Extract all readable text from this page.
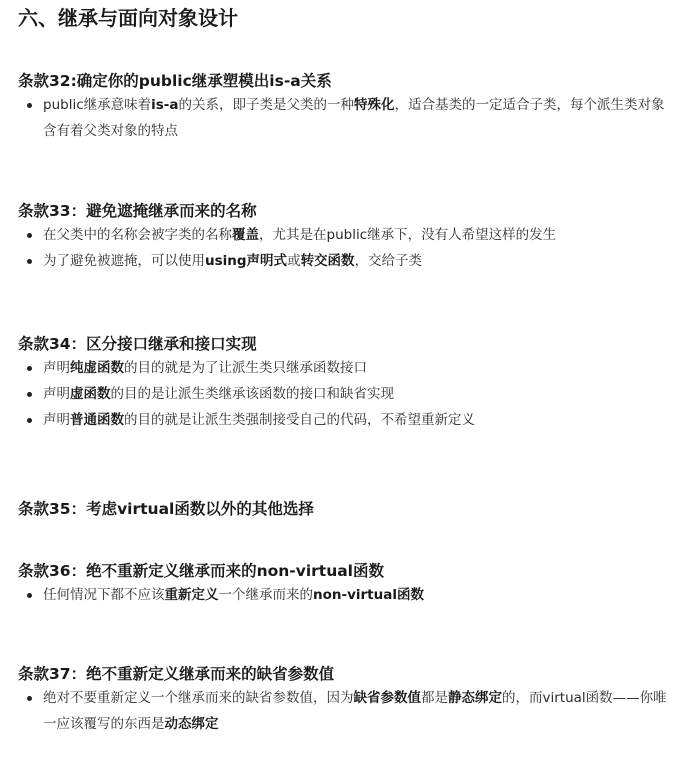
六、继承与面向对象设计
条款32:确定你的public继承塑模出is-a关系
public继承意味着is-a的关系，即子类是父类的一种特殊化，适合基类的一定适合子类，每个派生类对象含有着父类对象的特点
条款33：避免遮掩继承而来的名称
在父类中的名称会被字类的名称覆盖，尤其是在public继承下，没有人希望这样的发生
为了避免被遮掩，可以使用using声明式或转交函数，交给子类
条款34：区分接口继承和接口实现
声明纯虚函数的目的就是为了让派生类只继承函数接口
声明虚函数的目的是让派生类继承该函数的接口和缺省实现
声明普通函数的目的就是让派生类强制接受自己的代码，不希望重新定义
条款35：考虑virtual函数以外的其他选择
条款36：绝不重新定义继承而来的non-virtual函数
任何情况下都不应该重新定义一个继承而来的non-virtual函数
条款37：绝不重新定义继承而来的缺省参数值
绝对不要重新定义一个继承而来的缺省参数值，因为缺省参数值都是静态绑定的，而virtual函数——你唯一应该覆写的东西是动态绑定
